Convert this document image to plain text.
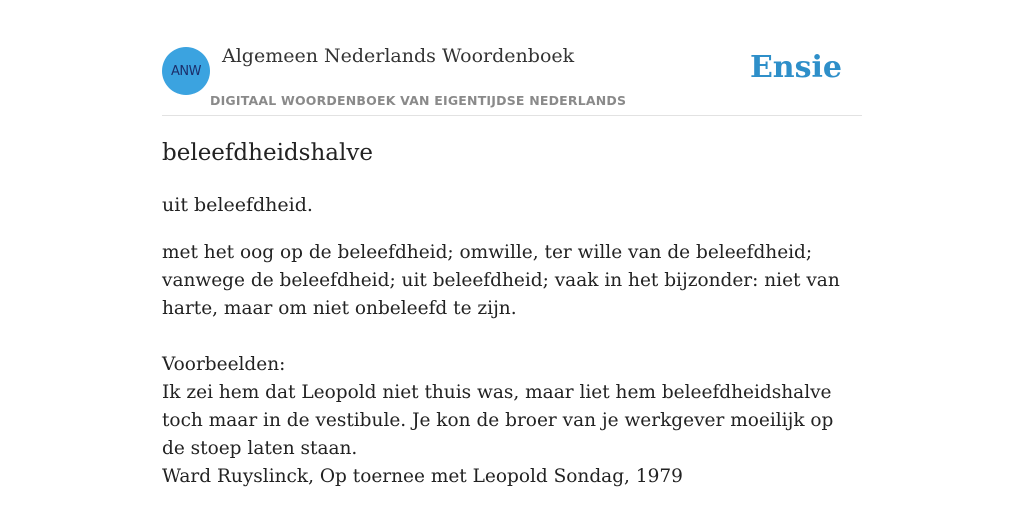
ANW
Algemeen Nederlands Woordenboek
DIGITAAL WOORDENBOEK VAN EIGENTIJDSE NEDERLANDS
Ensie
beleefdheidshalve
uit beleefdheid.

met het oog op de beleefdheid; omwille, ter wille van de beleefdheid; vanwege de beleefdheid; uit beleefdheid; vaak in het bijzonder: niet van harte, maar om niet onbeleefd te zijn.

Voorbeelden:

Ik zei hem dat Leopold niet thuis was, maar liet hem beleefdheidshalve toch maar in de vestibule. Je kon de broer van je werkgever moeilijk op de stoep laten staan.

Ward Ruyslinck, Op toernee met Leopold Sondag, 1979
